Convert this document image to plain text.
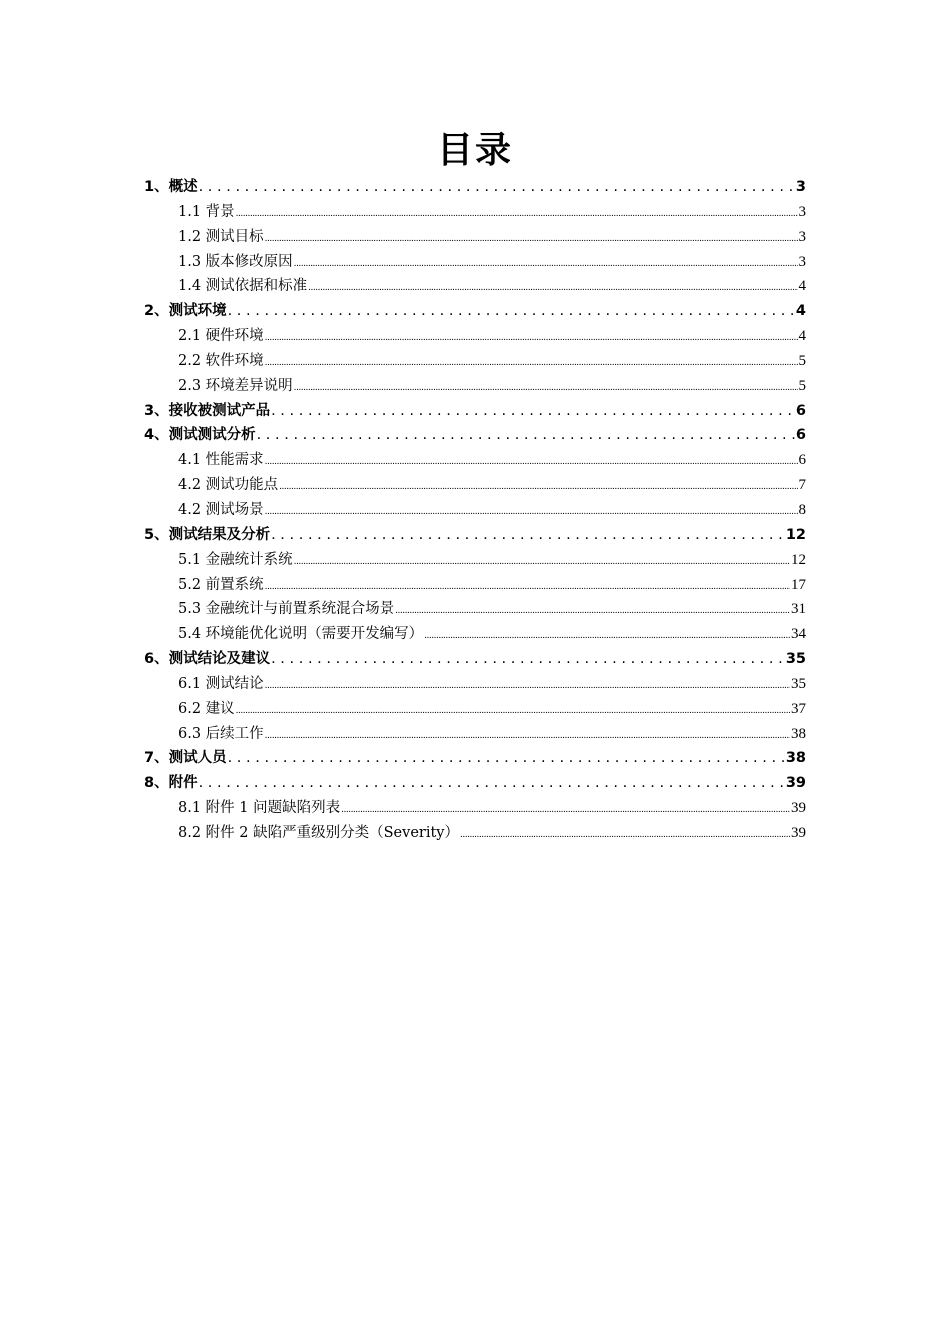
目录
1、概述 . . .	3
1.1 背景 .....	3
1.2 测试目标 .....	3
1.3 版本修改原因 .....	3
1.4 测试依据和标准 .....	4
2、测试环境 . . .	4
2.1 硬件环境 .....	4
2.2 软件环境 .....	5
2.3 环境差异说明 .....	5
3、接收被测试产品 . . .	6
4、测试测试分析 . . .	6
4.1 性能需求 .....	6
4.2 测试功能点 .....	7
4.2 测试场景 .....	8
5、测试结果及分析 . . .	12
5.1 金融统计系统 .....	12
5.2 前置系统 .....	17
5.3 金融统计与前置系统混合场景 .....	31
5.4 环境能优化说明（需要开发编写） .....	34
6、测试结论及建议 . . .	35
6.1 测试结论 .....	35
6.2 建议 .....	37
6.3 后续工作 .....	38
7、测试人员 . . .	38
8、附件 . . .	39
8.1 附件 1 问题缺陷列表 .....	39
8.2 附件 2 缺陷严重级别分类（Severity） .....	39
